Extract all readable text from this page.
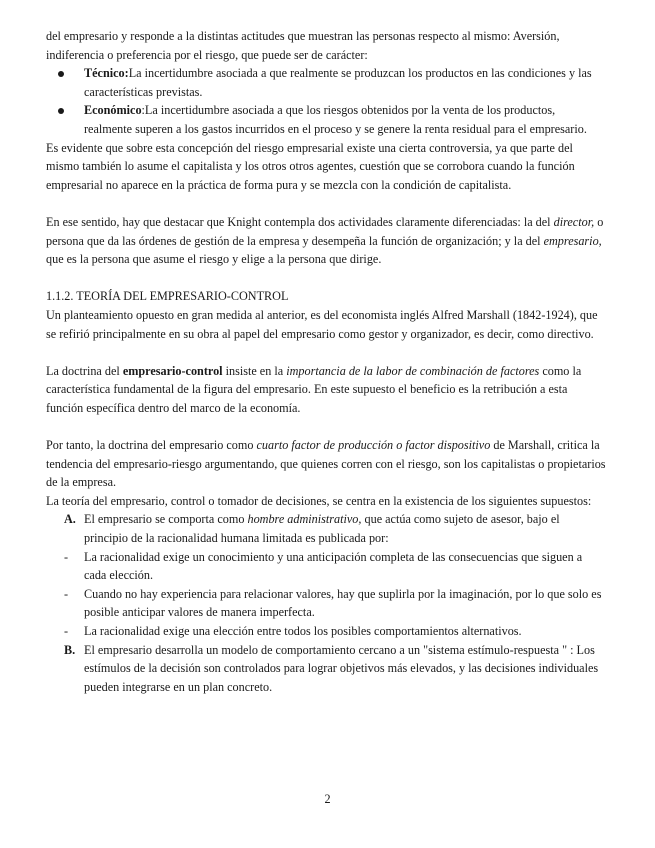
del empresario y responde a la distintas actitudes que muestran las personas respecto al mismo: Aversión, indiferencia o preferencia por el riesgo, que puede ser de carácter:

Técnico:La incertidumbre asociada a que realmente se produzcan los productos en las condiciones y las características previstas.
Económico:La incertidumbre asociada a que los riesgos obtenidos por la venta de los productos, realmente superen a los gastos incurridos en el proceso y se genere la renta residual para el empresario.

Es evidente que sobre esta concepción del riesgo empresarial existe una cierta controversia, ya que parte del mismo también lo asume el capitalista y los otros otros agentes, cuestión que se corrobora cuando la función empresarial no aparece en la práctica de forma pura y se mezcla con la condición de capitalista.

En ese sentido, hay que destacar que Knight contempla dos actividades claramente diferenciadas: la del director, o persona que da las órdenes de gestión de la empresa y desempeña la función de organización; y la del empresario, que es la persona que asume el riesgo y elige a la persona que dirige.

1.1.2. TEORÍA DEL EMPRESARIO-CONTROL

Un planteamiento opuesto en gran medida al anterior, es del economista inglés Alfred Marshall (1842-1924), que se refirió principalmente en su obra al papel del empresario como gestor y organizador, es decir, como directivo.

La doctrina del empresario-control insiste en la importancia de la labor de combinación de factores como la característica fundamental de la figura del empresario. En este supuesto el beneficio es la retribución a esta función específica dentro del marco de la economía.

Por tanto, la doctrina del empresario como cuarto factor de producción o factor dispositivo de Marshall, critica la tendencia del empresario-riesgo argumentando, que quienes corren con el riesgo, son los capitalistas o propietarios de la empresa.

La teoría del empresario, control o tomador de decisiones, se centra en la existencia de los siguientes supuestos:

A. El empresario se comporta como hombre administrativo, que actúa como sujeto de asesor, bajo el principio de la racionalidad humana limitada es publicada por:
- La racionalidad exige un conocimiento y una anticipación completa de las consecuencias que siguen a cada elección.
- Cuando no hay experiencia para relacionar valores, hay que suplirla por la imaginación, por lo que solo es posible anticipar valores de manera imperfecta.
- La racionalidad exige una elección entre todos los posibles comportamientos alternativos.
B. El empresario desarrolla un modelo de comportamiento cercano a un "sistema estímulo-respuesta " : Los estímulos de la decisión son controlados para lograr objetivos más elevados, y las decisiones individuales pueden integrarse en un plan concreto.
2
